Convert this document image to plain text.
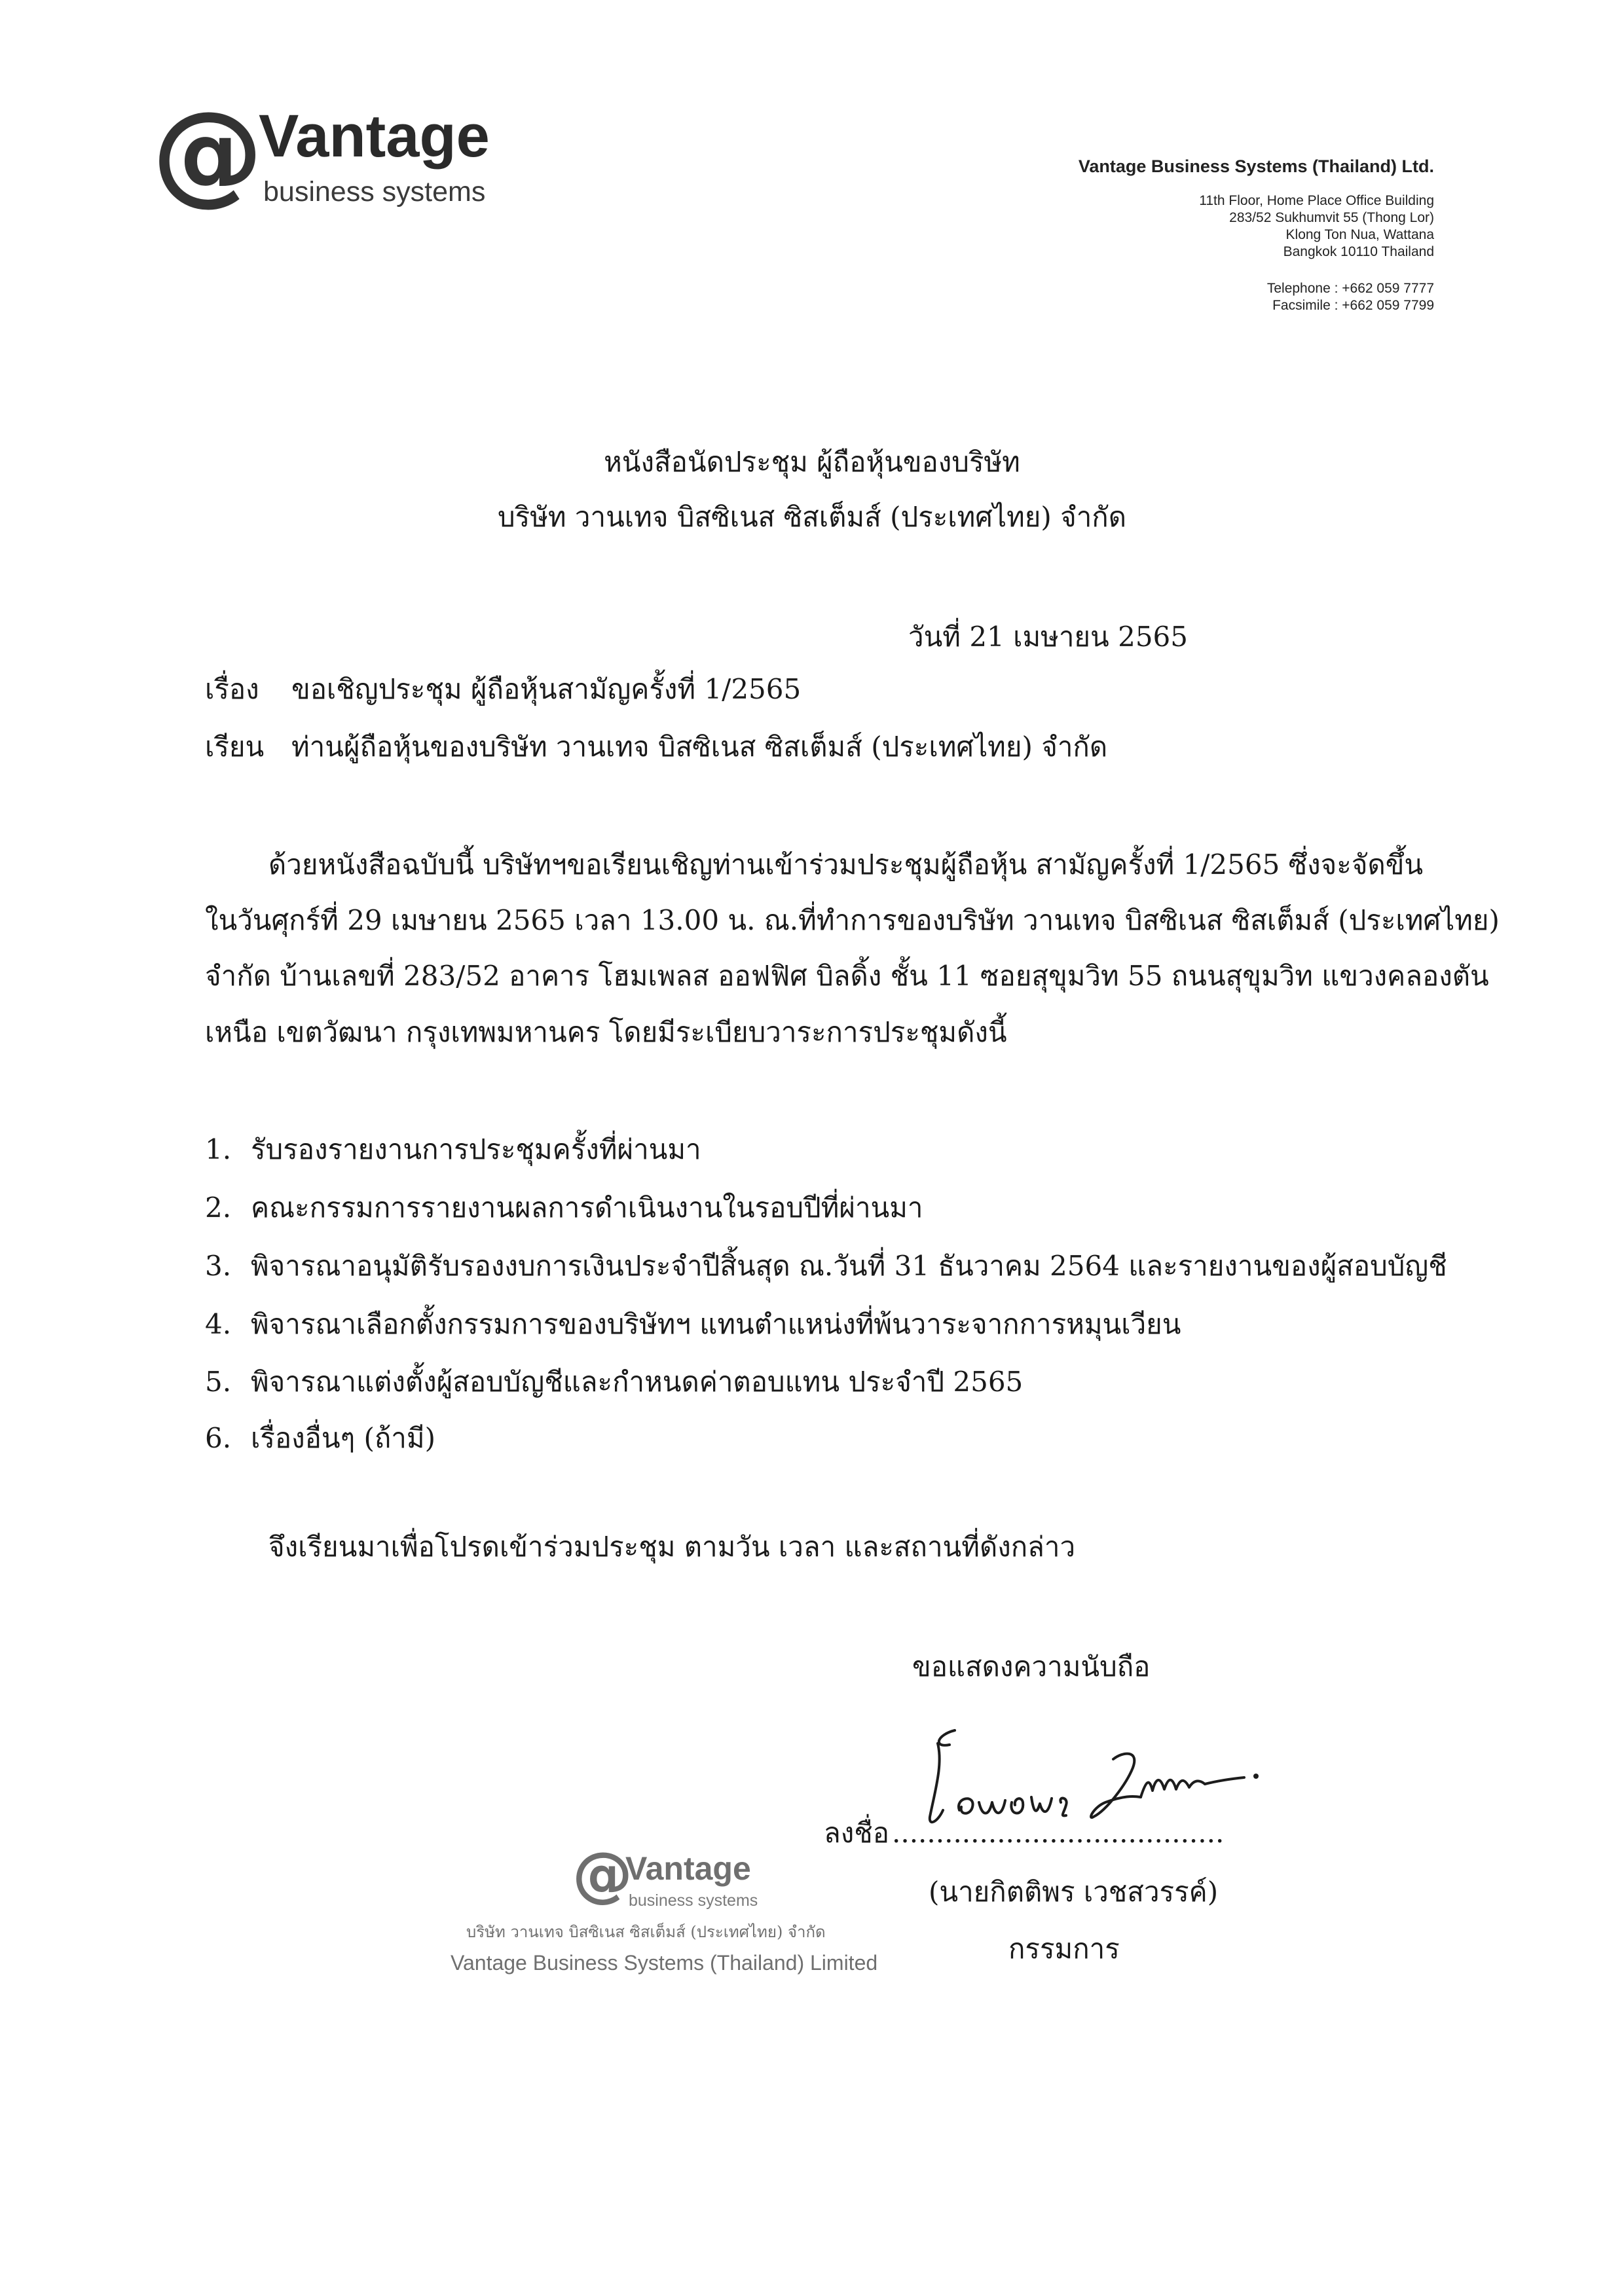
@
Vantage
business systems
Vantage Business Systems (Thailand) Ltd.
11th Floor, Home Place Office Building
283/52 Sukhumvit 55 (Thong Lor)
Klong Ton Nua, Wattana
Bangkok 10110 Thailand
Telephone : +662 059 7777
Facsimile : +662 059 7799
หนังสือนัดประชุม ผู้ถือหุ้นของบริษัท
บริษัท วานเทจ บิสซิเนส ซิสเต็มส์ (ประเทศไทย) จำกัด
วันที่ 21 เมษายน 2565
เรื่อง ขอเชิญประชุม ผู้ถือหุ้นสามัญครั้งที่ 1/2565
เรียน ท่านผู้ถือหุ้นของบริษัท วานเทจ บิสซิเนส ซิสเต็มส์ (ประเทศไทย) จำกัด
ด้วยหนังสือฉบับนี้ บริษัทฯขอเรียนเชิญท่านเข้าร่วมประชุมผู้ถือหุ้น สามัญครั้งที่ 1/2565 ซึ่งจะจัดขึ้น
ในวันศุกร์ที่ 29 เมษายน 2565 เวลา 13.00 น. ณ.ที่ทำการของบริษัท วานเทจ บิสซิเนส ซิสเต็มส์ (ประเทศไทย)
จำกัด บ้านเลขที่ 283/52 อาคาร โฮมเพลส ออฟฟิศ บิลดิ้ง ชั้น 11 ซอยสุขุมวิท 55 ถนนสุขุมวิท แขวงคลองตัน
เหนือ เขตวัฒนา กรุงเทพมหานคร โดยมีระเบียบวาระการประชุมดังนี้
1. รับรองรายงานการประชุมครั้งที่ผ่านมา
2. คณะกรรมการรายงานผลการดำเนินงานในรอบปีที่ผ่านมา
3. พิจารณาอนุมัติรับรองงบการเงินประจำปีสิ้นสุด ณ.วันที่ 31 ธันวาคม 2564 และรายงานของผู้สอบบัญชี
4. พิจารณาเลือกตั้งกรรมการของบริษัทฯ แทนตำแหน่งที่พ้นวาระจากการหมุนเวียน
5. พิจารณาแต่งตั้งผู้สอบบัญชีและกำหนดค่าตอบแทน ประจำปี 2565
6. เรื่องอื่นๆ (ถ้ามี)
จึงเรียนมาเพื่อโปรดเข้าร่วมประชุม ตามวัน เวลา และสถานที่ดังกล่าว
ขอแสดงความนับถือ
ลงชื่อ ......................................
(นายกิตติพร เวชสวรรค์)
กรรมการ
@
Vantage
business systems
บริษัท วานเทจ บิสซิเนส ซิสเต็มส์ (ประเทศไทย) จำกัด
Vantage Business Systems (Thailand) Limited
